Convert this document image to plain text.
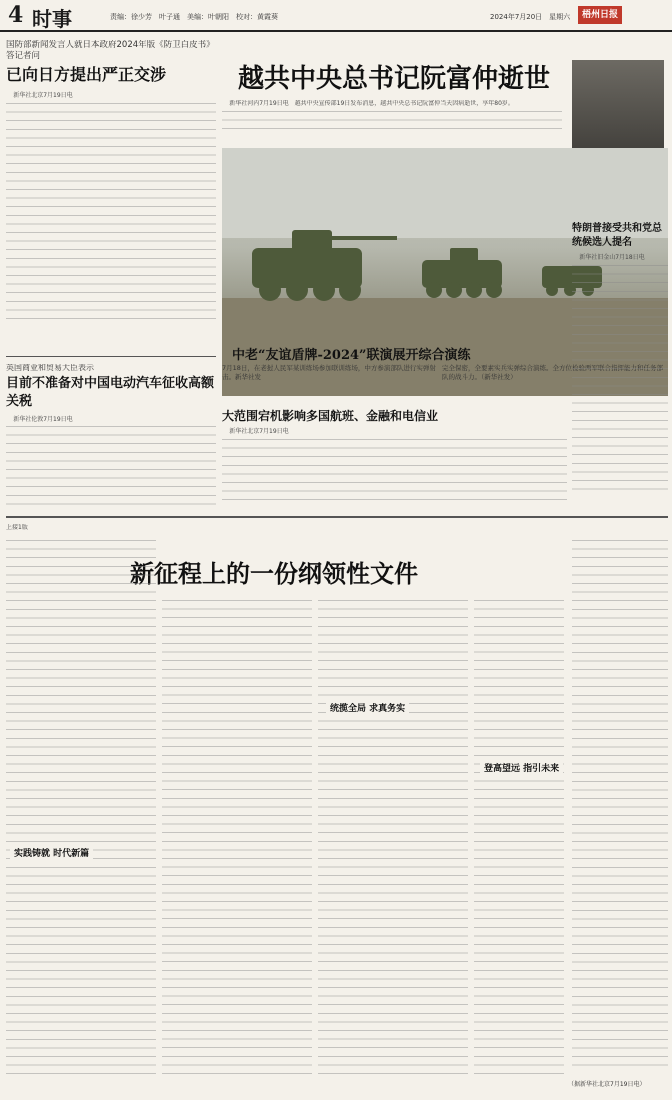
4 时事	责编：徐少芳　叶子通　美编：叶朝阳　校对：黄霞葵	2024年7月20日　星期六	梧州日报
国防部新闻发言人就日本政府2024年版《防卫白皮书》答记者问
已向日方提出严正交涉

新华社北京7月19日电

英国商业和贸易大臣表示
目前不准备对中国电动汽车征收高额关税

新华社伦敦7月19日电

越共中央总书记阮富仲逝世

新华社河内7月19日电　越共中央宣传部19日发布消息，越共中央总书记阮富仲当天因病逝世，享年80岁。

中老“友谊盾牌-2024”联演展开综合演练
7月18日，在老挝人民军某训练场参加联训练场，中方参演部队进行实弹射击。新华社发
完全保密，全要素实兵实弹综合演练。全方位检验两军联合指挥能力和任务部队的战斗力。（新华社发）
特朗普接受共和党总统候选人提名

新华社旧金山7月18日电

大范围宕机影响多国航班、金融和电信业

新华社北京7月19日电

上接1版
新征程上的一份纲领性文件
实践铸就 时代新篇
统揽全局 求真务实
登高望远 指引未来
（据新华社北京7月19日电）
